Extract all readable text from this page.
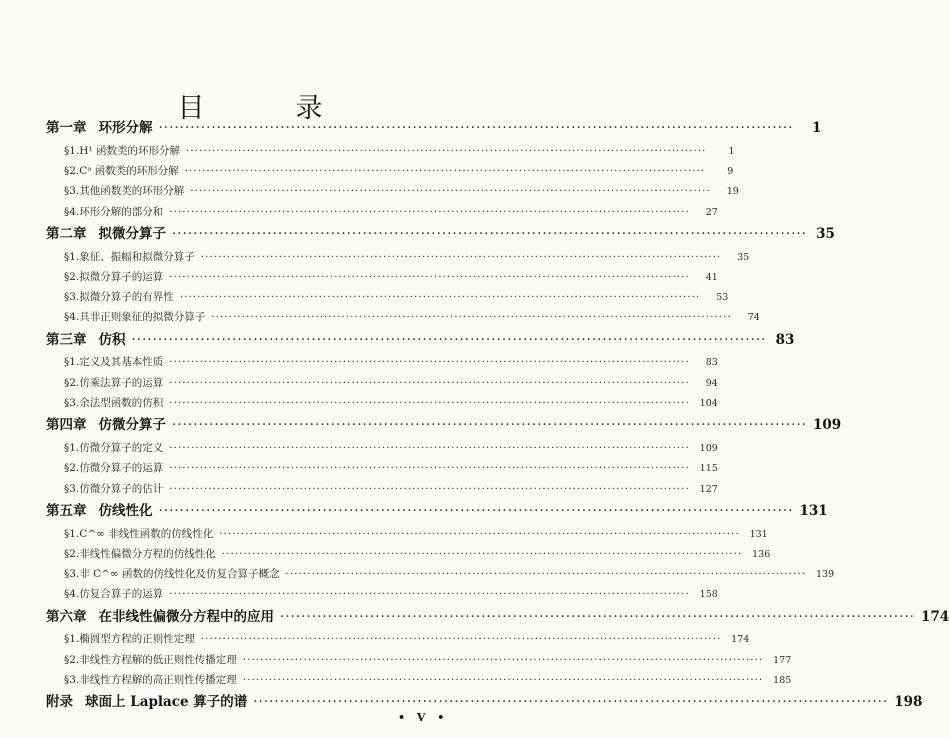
目　录
第一章 环形分解 ························································································································	1
§1. H¹ 函数类的环形分解 ························································································································	1
§2. Cᵃ 函数类的环形分解 ························································································································	9
§3. 其他函数类的环形分解 ························································································································	19
§4. 环形分解的部分和 ························································································································	27
第二章 拟微分算子 ························································································································ 35
§1. 象征、振幅和拟微分算子 ························································································································	35
§2. 拟微分算子的运算 ························································································································	41
§3. 拟微分算子的有界性 ························································································································	53
§4. 具非正则象征的拟微分算子 ························································································································	74
第三章 仿积 ························································································································ 83
§1. 定义及其基本性质 ························································································································	83
§2. 仿乘法算子的运算 ························································································································	94
§3. 余法型函数的仿积 ························································································································	104
第四章 仿微分算子 ························································································································ 109
§1. 仿微分算子的定义 ························································································································	109
§2. 仿微分算子的运算 ························································································································	115
§3. 仿微分算子的估计 ························································································································	127
第五章 仿线性化 ························································································································ 131
§1. C^∞ 非线性函数的仿线性化 ························································································································	131
§2. 非线性偏微分方程的仿线性化 ························································································································	136
§3. 非 C^∞ 函数的仿线性化及仿复合算子概念 ························································································································	139
§4. 仿复合算子的运算 ························································································································	158
第六章 在非线性偏微分方程中的应用 ························································································································ 174
§1. 椭圆型方程的正则性定理 ························································································································	174
§2. 非线性方程解的低正则性传播定理 ························································································································	177
§3. 非线性方程解的高正则性传播定理 ························································································································	185
附录 球面上 Laplace 算子的谱 ························································································································ 198
• V •
